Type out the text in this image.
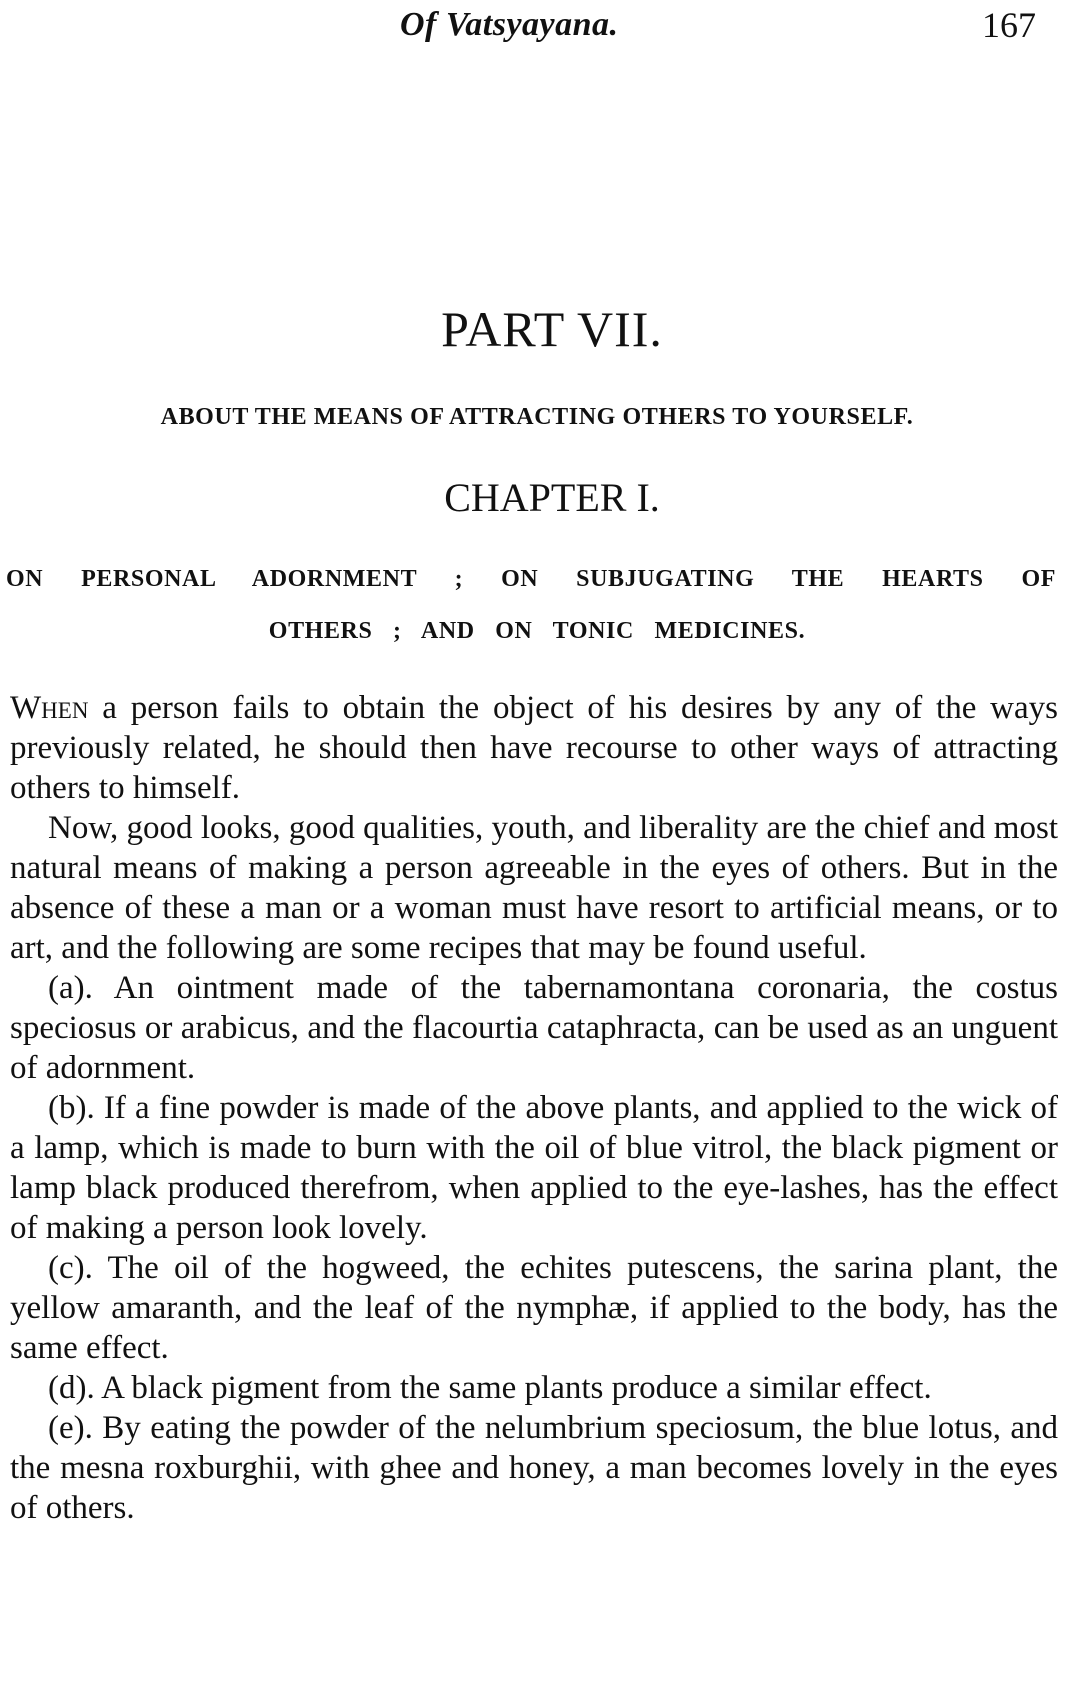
Of Vatsyayana.	167
PART VII.
ABOUT THE MEANS OF ATTRACTING OTHERS TO YOURSELF.
CHAPTER I.
ON PERSONAL ADORNMENT ; ON SUBJUGATING THE HEARTS OF
OTHERS ; AND ON TONIC MEDICINES.

When a person fails to obtain the object of his desires by any of the ways previously related, he should then have recourse to other ways of attracting others to himself.

Now, good looks, good qualities, youth, and liberality are the chief and most natural means of making a person agreeable in the eyes of others. But in the absence of these a man or a woman must have resort to artificial means, or to art, and the following are some recipes that may be found useful.

(a). An ointment made of the tabernamontana coronaria, the costus speciosus or arabicus, and the flacourtia cataphracta, can be used as an unguent of adornment.

(b). If a fine powder is made of the above plants, and applied to the wick of a lamp, which is made to burn with the oil of blue vitrol, the black pigment or lamp black produced therefrom, when applied to the eye-lashes, has the effect of making a person look lovely.

(c). The oil of the hogweed, the echites putescens, the sarina plant, the yellow amaranth, and the leaf of the nymphæ, if applied to the body, has the same effect.

(d). A black pigment from the same plants produce a similar effect.

(e). By eating the powder of the nelumbrium speciosum, the blue lotus, and the mesna roxburghii, with ghee and honey, a man becomes lovely in the eyes of others.
